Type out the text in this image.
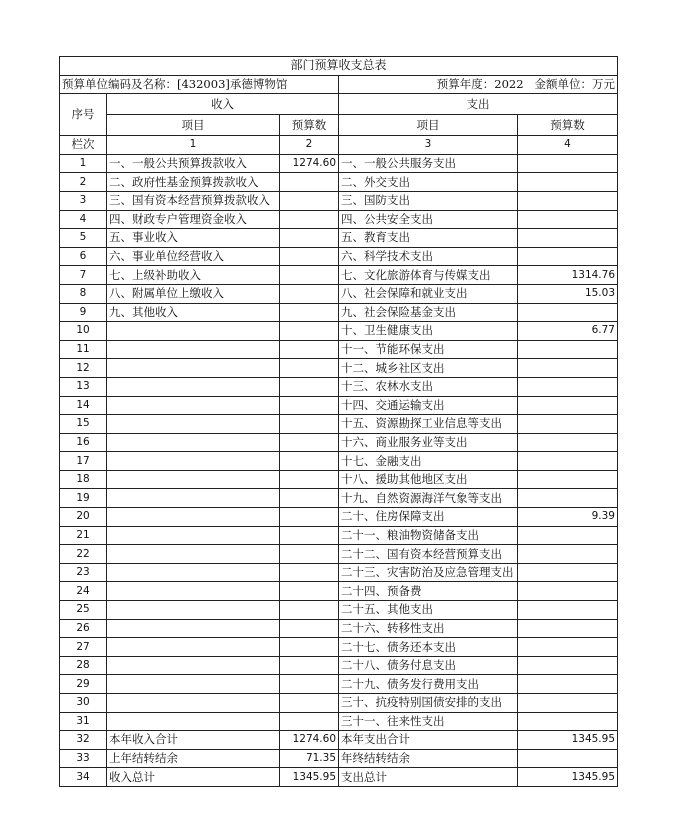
部门预算收支总表				
预算单位编码及名称：[432003]承德博物馆			预算年度：2022 金额单位：万元	
序号	收入		支出	
	项目	预算数	项目	预算数
栏次	1	2	3	4
1	一、一般公共预算拨款收入	1274.60	一、一般公共服务支出	
2	二、政府性基金预算拨款收入		二、外交支出	
3	三、国有资本经营预算拨款收入		三、国防支出	
4	四、财政专户管理资金收入		四、公共安全支出	
5	五、事业收入		五、教育支出	
6	六、事业单位经营收入		六、科学技术支出	
7	七、上级补助收入		七、文化旅游体育与传媒支出	1314.76
8	八、附属单位上缴收入		八、社会保障和就业支出	15.03
9	九、其他收入		九、社会保险基金支出	
10			十、卫生健康支出	6.77
11			十一、节能环保支出	
12			十二、城乡社区支出	
13			十三、农林水支出	
14			十四、交通运输支出	
15			十五、资源勘探工业信息等支出	
16			十六、商业服务业等支出	
17			十七、金融支出	
18			十八、援助其他地区支出	
19			十九、自然资源海洋气象等支出	
20			二十、住房保障支出	9.39
21			二十一、粮油物资储备支出	
22			二十二、国有资本经营预算支出	
23			二十三、灾害防治及应急管理支出	
24			二十四、预备费	
25			二十五、其他支出	
26			二十六、转移性支出	
27			二十七、债务还本支出	
28			二十八、债务付息支出	
29			二十九、债务发行费用支出	
30			三十、抗疫特别国债安排的支出	
31			三十一、往来性支出	
32	本年收入合计	1274.60	本年支出合计	1345.95
33	上年结转结余	71.35	年终结转结余	
34	收入总计	1345.95	支出总计	1345.95
